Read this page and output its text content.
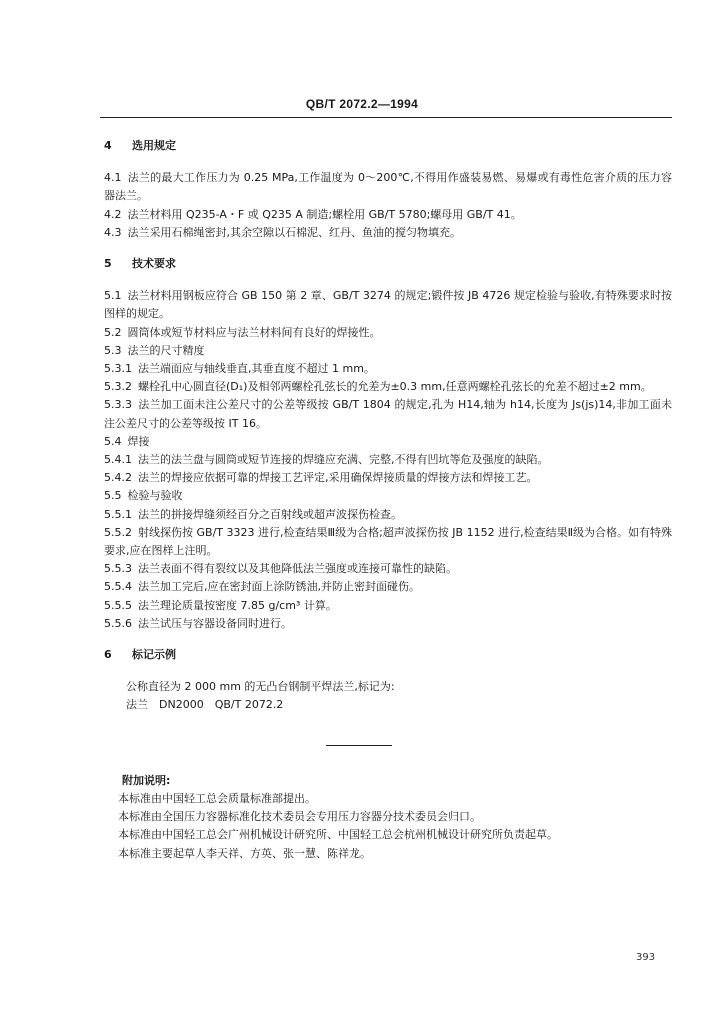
QB/T 2072.2—1994

4 选用规定

4.1 法兰的最大工作压力为 0.25 MPa,工作温度为 0～200℃,不得用作盛装易燃、易爆或有毒性危害介质的压力容器法兰。

4.2 法兰材料用 Q235-A・F 或 Q235 A 制造;螺栓用 GB/T 5780;螺母用 GB/T 41。

4.3 法兰采用石棉绳密封,其余空隙以石棉泥、红丹、鱼油的搅匀物填充。

5 技术要求

5.1 法兰材料用钢板应符合 GB 150 第 2 章、GB/T 3274 的规定;锻件按 JB 4726 规定检验与验收,有特殊要求时按图样的规定。

5.2 圆筒体或短节材料应与法兰材料间有良好的焊接性。

5.3 法兰的尺寸精度

5.3.1 法兰端面应与轴线垂直,其垂直度不超过 1 mm。

5.3.2 螺栓孔中心圆直径(D₁)及相邻两螺栓孔弦长的允差为±0.3 mm,任意两螺栓孔弦长的允差不超过±2 mm。

5.3.3 法兰加工面未注公差尺寸的公差等级按 GB/T 1804 的规定,孔为 H14,轴为 h14,长度为 Js(js)14,非加工面未注公差尺寸的公差等级按 IT 16。

5.4 焊接

5.4.1 法兰的法兰盘与圆筒或短节连接的焊缝应充满、完整,不得有凹坑等危及强度的缺陷。

5.4.2 法兰的焊接应依据可靠的焊接工艺评定,采用确保焊接质量的焊接方法和焊接工艺。

5.5 检验与验收

5.5.1 法兰的拼接焊缝须经百分之百射线或超声波探伤检查。

5.5.2 射线探伤按 GB/T 3323 进行,检查结果Ⅲ级为合格;超声波探伤按 JB 1152 进行,检查结果Ⅱ级为合格。如有特殊要求,应在图样上注明。

5.5.3 法兰表面不得有裂纹以及其他降低法兰强度或连接可靠性的缺陷。

5.5.4 法兰加工完后,应在密封面上涂防锈油,并防止密封面碰伤。

5.5.5 法兰理论质量按密度 7.85 g/cm³ 计算。

5.5.6 法兰试压与容器设备同时进行。

6 标记示例

公称直径为 2 000 mm 的无凸台钢制平焊法兰,标记为:

法兰　DN2000　QB/T 2072.2

附加说明:

本标准由中国轻工总会质量标准部提出。

本标准由全国压力容器标准化技术委员会专用压力容器分技术委员会归口。

本标准由中国轻工总会广州机械设计研究所、中国轻工总会杭州机械设计研究所负责起草。

本标准主要起草人李天祥、方英、张一慧、陈祥龙。

393
